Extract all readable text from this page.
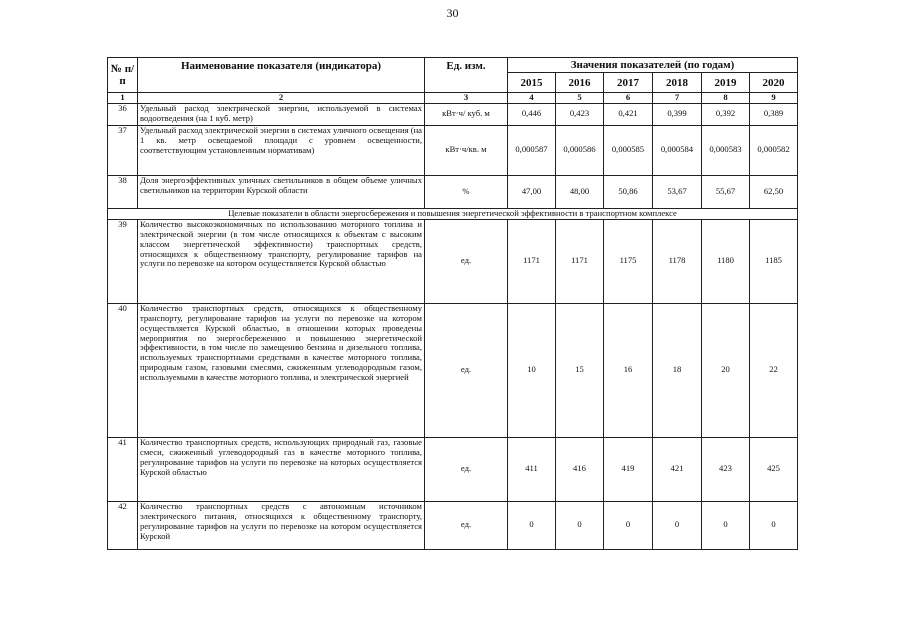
30
№ п/п	Наименование показателя (индикатора)	Ед. изм.	Значения показателей (по годам)					
			2015	2016	2017	2018	2019	2020
1	2	3	4	5	6	7	8	9
36	Удельный расход электрической энергии, используемой в системах водоотведения (на 1 куб. метр)	кВт·ч/ куб. м	0,446	0,423	0,421	0,399	0,392	0,389
37	Удельный расход электрической энергии в системах уличного освещения (на 1 кв. метр освещаемой площади с уровнем освещенности, соответствующим установленным нормативам)	кВт·ч/кв. м	0,000587	0,000586	0,000585	0,000584	0,000583	0,000582
38	Доля энергоэффективных уличных светильников в общем объеме уличных светильников на территории Курской области	%	47,00	48,00	50,86	53,67	55,67	62,50
Целевые показатели в области энергосбережения и повышения энергетической эффективности в транспортном комплексе								
39	Количество высокоэкономичных по использованию моторного топлива и электрической энергии (в том числе относящихся к объектам с высоким классом энергетической эффективности) транспортных средств, относящихся к общественному транспорту, регулирование тарифов на услуги по перевозке на котором осуществляется Курской областью	ед.	1171	1171	1175	1178	1180	1185
40	Количество транспортных средств, относящихся к общественному транспорту, регулирование тарифов на услуги по перевозке на котором осуществляется Курской областью, в отношении которых проведены мероприятия по энергосбережению и повышению энергетической эффективности, в том числе по замещению бензина и дизельного топлива, используемых транспортными средствами в качестве моторного топлива, природным газом, газовыми смесями, сжиженным углеводородным газом, используемыми в качестве моторного топлива, и электрической энергией	ед.	10	15	16	18	20	22
41	Количество транспортных средств, использующих природный газ, газовые смеси, сжиженный углеводородный газ в качестве моторного топлива, регулирование тарифов на услуги по перевозке на которых осуществляется Курской областью	ед.	411	416	419	421	423	425
42	Количество транспортных средств с автономным источником электрического питания, относящихся к общественному транспорту, регулирование тарифов на услуги по перевозке на котором осуществляется Курской	ед.	0	0	0	0	0	0
